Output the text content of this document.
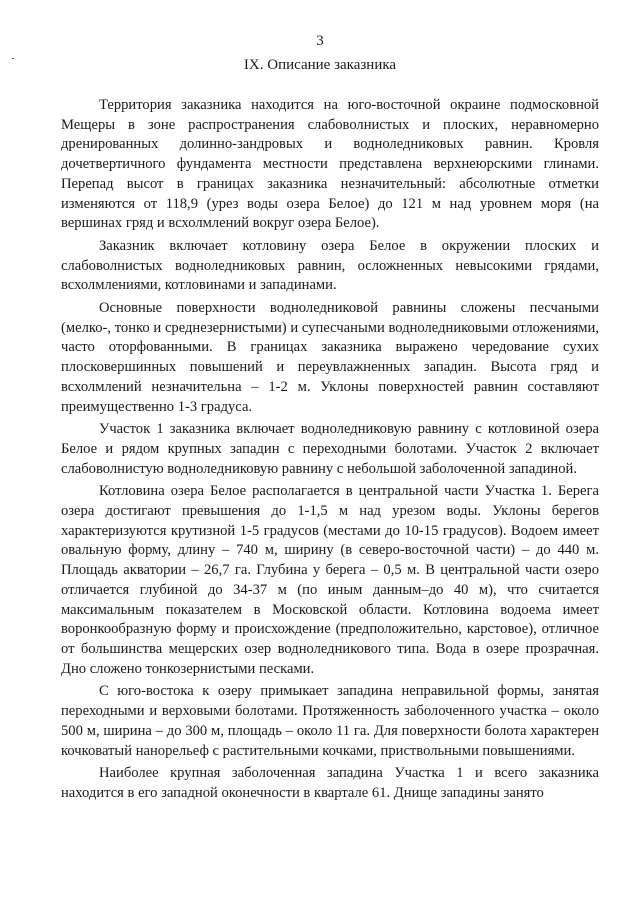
3
IX. Описание заказника

Территория заказника находится на юго-восточной окраине подмосковной Мещеры в зоне распространения слабоволнистых и плоских, неравномерно дренированных долинно-зандровых и водноледниковых равнин. Кровля дочетвертичного фундамента местности представлена верхнеюрскими глинами. Перепад высот в границах заказника незначительный: абсолютные отметки изменяются от 118,9 (урез воды озера Белое) до 121 м над уровнем моря (на вершинах гряд и всхолмлений вокруг озера Белое).

Заказник включает котловину озера Белое в окружении плоских и слабоволнистых водноледниковых равнин, осложненных невысокими грядами, всхолмлениями, котловинами и западинами.

Основные поверхности водноледниковой равнины сложены песчаными (мелко-, тонко и среднезернистыми) и супесчаными водноледниковыми отложениями, часто оторфованными. В границах заказника выражено чередование сухих плосковершинных повышений и переувлажненных западин. Высота гряд и всхолмлений незначительна – 1-2 м. Уклоны поверхностей равнин составляют преимущественно 1-3 градуса.

Участок 1 заказника включает водноледниковую равнину с котловиной озера Белое и рядом крупных западин с переходными болотами. Участок 2 включает слабоволнистую водноледниковую равнину с небольшой заболоченной западиной.

Котловина озера Белое располагается в центральной части Участка 1. Берега озера достигают превышения до 1-1,5 м над урезом воды. Уклоны берегов характеризуются крутизной 1-5 градусов (местами до 10-15 градусов). Водоем имеет овальную форму, длину – 740 м, ширину (в северо-восточной части) – до 440 м. Площадь акватории – 26,7 га. Глубина у берега – 0,5 м. В центральной части озеро отличается глубиной до 34-37 м (по иным данным–до 40 м), что считается максимальным показателем в Московской области. Котловина водоема имеет воронкообразную форму и происхождение (предположительно, карстовое), отличное от большинства мещерских озер водноледникового типа. Вода в озере прозрачная. Дно сложено тонкозернистыми песками.

С юго-востока к озеру примыкает западина неправильной формы, занятая переходными и верховыми болотами. Протяженность заболоченного участка – около 500 м, ширина – до 300 м, площадь – около 11 га. Для поверхности болота характерен кочковатый нанорельеф с растительными кочками, приствольными повышениями.

Наиболее крупная заболоченная западина Участка 1 и всего заказника находится в его западной оконечности в квартале 61. Днище западины занято
